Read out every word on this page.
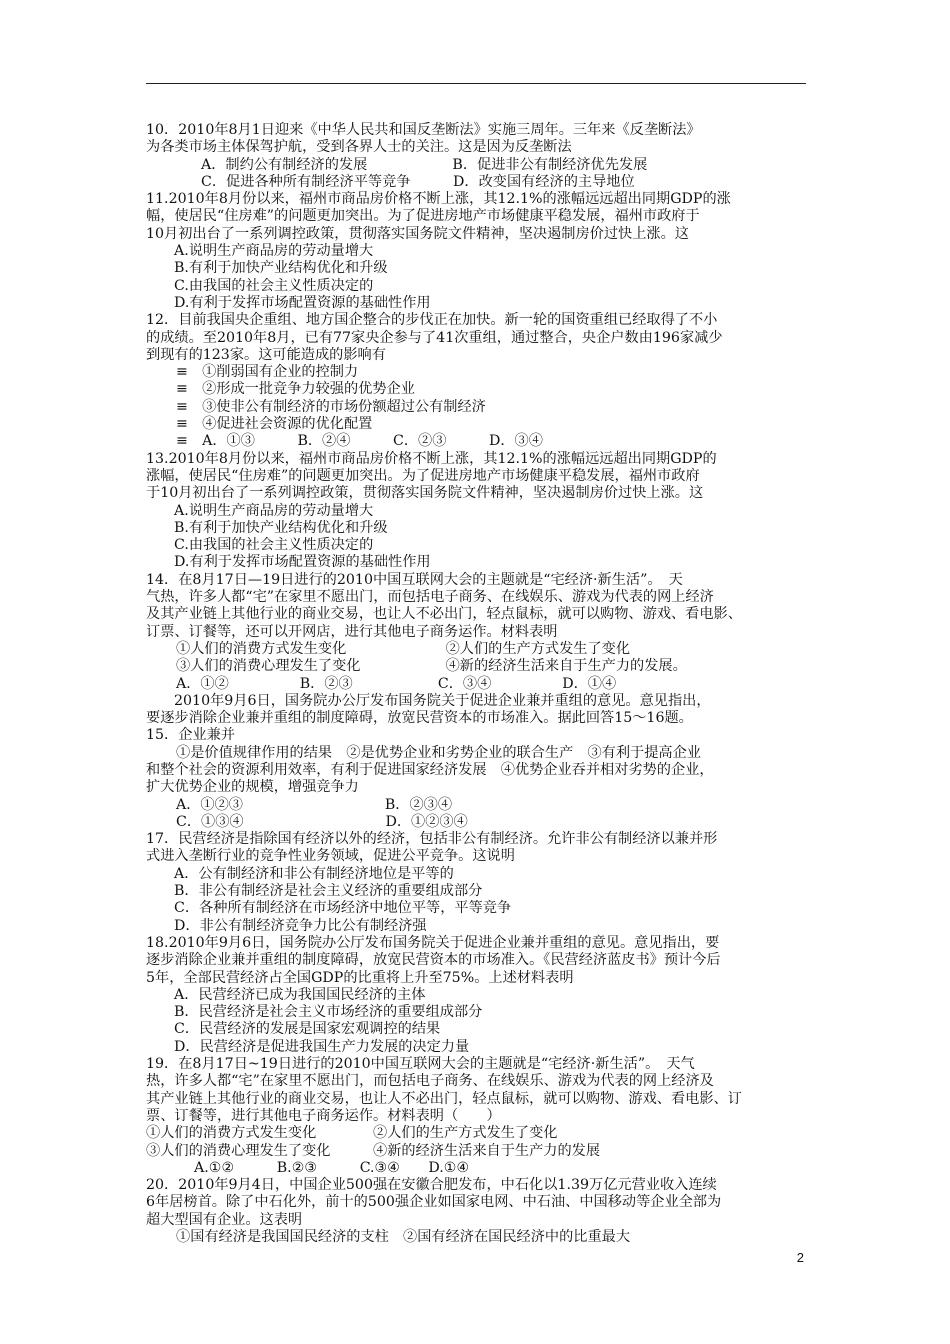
10．2010年8月1日迎来《中华人民共和国反垄断法》实施三周年。三年来《反垄断法》
为各类市场主体保驾护航，受到各界人士的关注。这是因为反垄断法
A．制约公有制经济的发展　　　　　　B．促进非公有制经济优先发展
C．促进各种所有制经济平等竞争　　　D．改变国有经济的主导地位
11.2010年8月份以来，福州市商品房价格不断上涨，其12.1%的涨幅远远超出同期GDP的涨
幅，使居民“住房难”的问题更加突出。为了促进房地产市场健康平稳发展，福州市政府于
10月初出台了一系列调控政策，贯彻落实国务院文件精神，坚决遏制房价过快上涨。这
A.说明生产商品房的劳动量增大
B.有利于加快产业结构优化和升级
C.由我国的社会主义性质决定的
D.有利于发挥市场配置资源的基础性作用
12．目前我国央企重组、地方国企整合的步伐正在加快。新一轮的国资重组已经取得了不小
的成绩。至2010年8月，已有77家央企参与了41次重组，通过整合，央企户数由196家减少
到现有的123家。这可能造成的影响有
≡　①削弱国有企业的控制力
≡　②形成一批竞争力较强的优势企业
≡　③使非公有制经济的市场份额超过公有制经济
≡　④促进社会资源的优化配置
≡　A．①③　　　B．②④　　　C．②③　　　D．③④
13.2010年8月份以来，福州市商品房价格不断上涨，其12.1%的涨幅远远超出同期GDP的
涨幅，使居民“住房难”的问题更加突出。为了促进房地产市场健康平稳发展，福州市政府
于10月初出台了一系列调控政策，贯彻落实国务院文件精神，坚决遏制房价过快上涨。这
A.说明生产商品房的劳动量增大
B.有利于加快产业结构优化和升级
C.由我国的社会主义性质决定的
D.有利于发挥市场配置资源的基础性作用
14．在8月17日—19日进行的2010中国互联网大会的主题就是“宅经济·新生活”。　天
气热，许多人都“宅”在家里不愿出门，而包括电子商务、在线娱乐、游戏为代表的网上经济
及其产业链上其他行业的商业交易，也让人不必出门，轻点鼠标，就可以购物、游戏、看电影、
订票、订餐等，还可以开网店，进行其他电子商务运作。材料表明
①人们的消费方式发生变化　　　　　　　②人们的生产方式发生了变化
③人们的消费心理发生了变化　　　　　　④新的经济生活来自于生产力的发展。
A．①②　　　　　B．②③　　　　　　C．③④　　　　　D．①④
2010年9月6日，国务院办公厅发布国务院关于促进企业兼并重组的意见。意见指出，
要逐步消除企业兼并重组的制度障碍，放宽民营资本的市场准入。据此回答15～16题。
15．企业兼并
①是价值规律作用的结果　②是优势企业和劣势企业的联合生产　③有利于提高企业
和整个社会的资源利用效率，有利于促进国家经济发展　④优势企业吞并相对劣势的企业，
扩大优势企业的规模，增强竞争力
A．①②③　　　　　　　　　　B．②③④
C．①③④　　　　　　　　　　D．①②③④
17．民营经济是指除国有经济以外的经济，包括非公有制经济。允许非公有制经济以兼并形
式进入垄断行业的竞争性业务领域，促进公平竞争。这说明
A．公有制经济和非公有制经济地位是平等的
B．非公有制经济是社会主义经济的重要组成部分
C．各种所有制经济在市场经济中地位平等，平等竞争
D．非公有制经济竞争力比公有制经济强
18.2010年9月6日，国务院办公厅发布国务院关于促进企业兼并重组的意见。意见指出，要
逐步消除企业兼并重组的制度障碍，放宽民营资本的市场准入。《民营经济蓝皮书》预计今后
5年，全部民营经济占全国GDP的比重将上升至75%。上述材料表明
A．民营经济已成为我国国民经济的主体
B．民营经济是社会主义市场经济的重要组成部分
C．民营经济的发展是国家宏观调控的结果
D．民营经济是促进我国生产力发展的决定力量
19．在8月17日~19日进行的2010中国互联网大会的主题就是“宅经济·新生活”。　天气
热，许多人都“宅”在家里不愿出门，而包括电子商务、在线娱乐、游戏为代表的网上经济及
其产业链上其他行业的商业交易，也让人不必出门，轻点鼠标，就可以购物、游戏、看电影、订
票、订餐等，进行其他电子商务运作。材料表明（　　）
①人们的消费方式发生变化　　　　②人们的生产方式发生了变化
③人们的消费心理发生了变化　　　④新的经济生活来自于生产力的发展
A.①②　　　B.②③　　　C.③④　　D.①④
20．2010年9月4日，中国企业500强在安徽合肥发布，中石化以1.39万亿元营业收入连续
6年居榜首。除了中石化外，前十的500强企业如国家电网、中石油、中国移动等企业全部为
超大型国有企业。这表明
①国有经济是我国国民经济的支柱　②国有经济在国民经济中的比重最大
2
